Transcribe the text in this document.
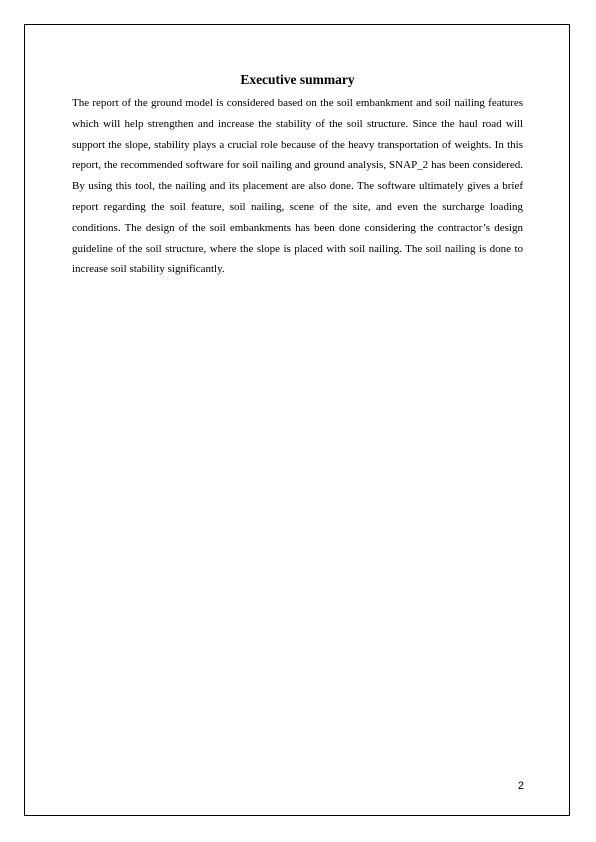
Executive summary

The report of the ground model is considered based on the soil embankment and soil nailing features which will help strengthen and increase the stability of the soil structure. Since the haul road will support the slope, stability plays a crucial role because of the heavy transportation of weights. In this report, the recommended software for soil nailing and ground analysis, SNAP_2 has been considered. By using this tool, the nailing and its placement are also done. The software ultimately gives a brief report regarding the soil feature, soil nailing, scene of the site, and even the surcharge loading conditions. The design of the soil embankments has been done considering the contractor’s design guideline of the soil structure, where the slope is placed with soil nailing. The soil nailing is done to increase soil stability significantly.

2
